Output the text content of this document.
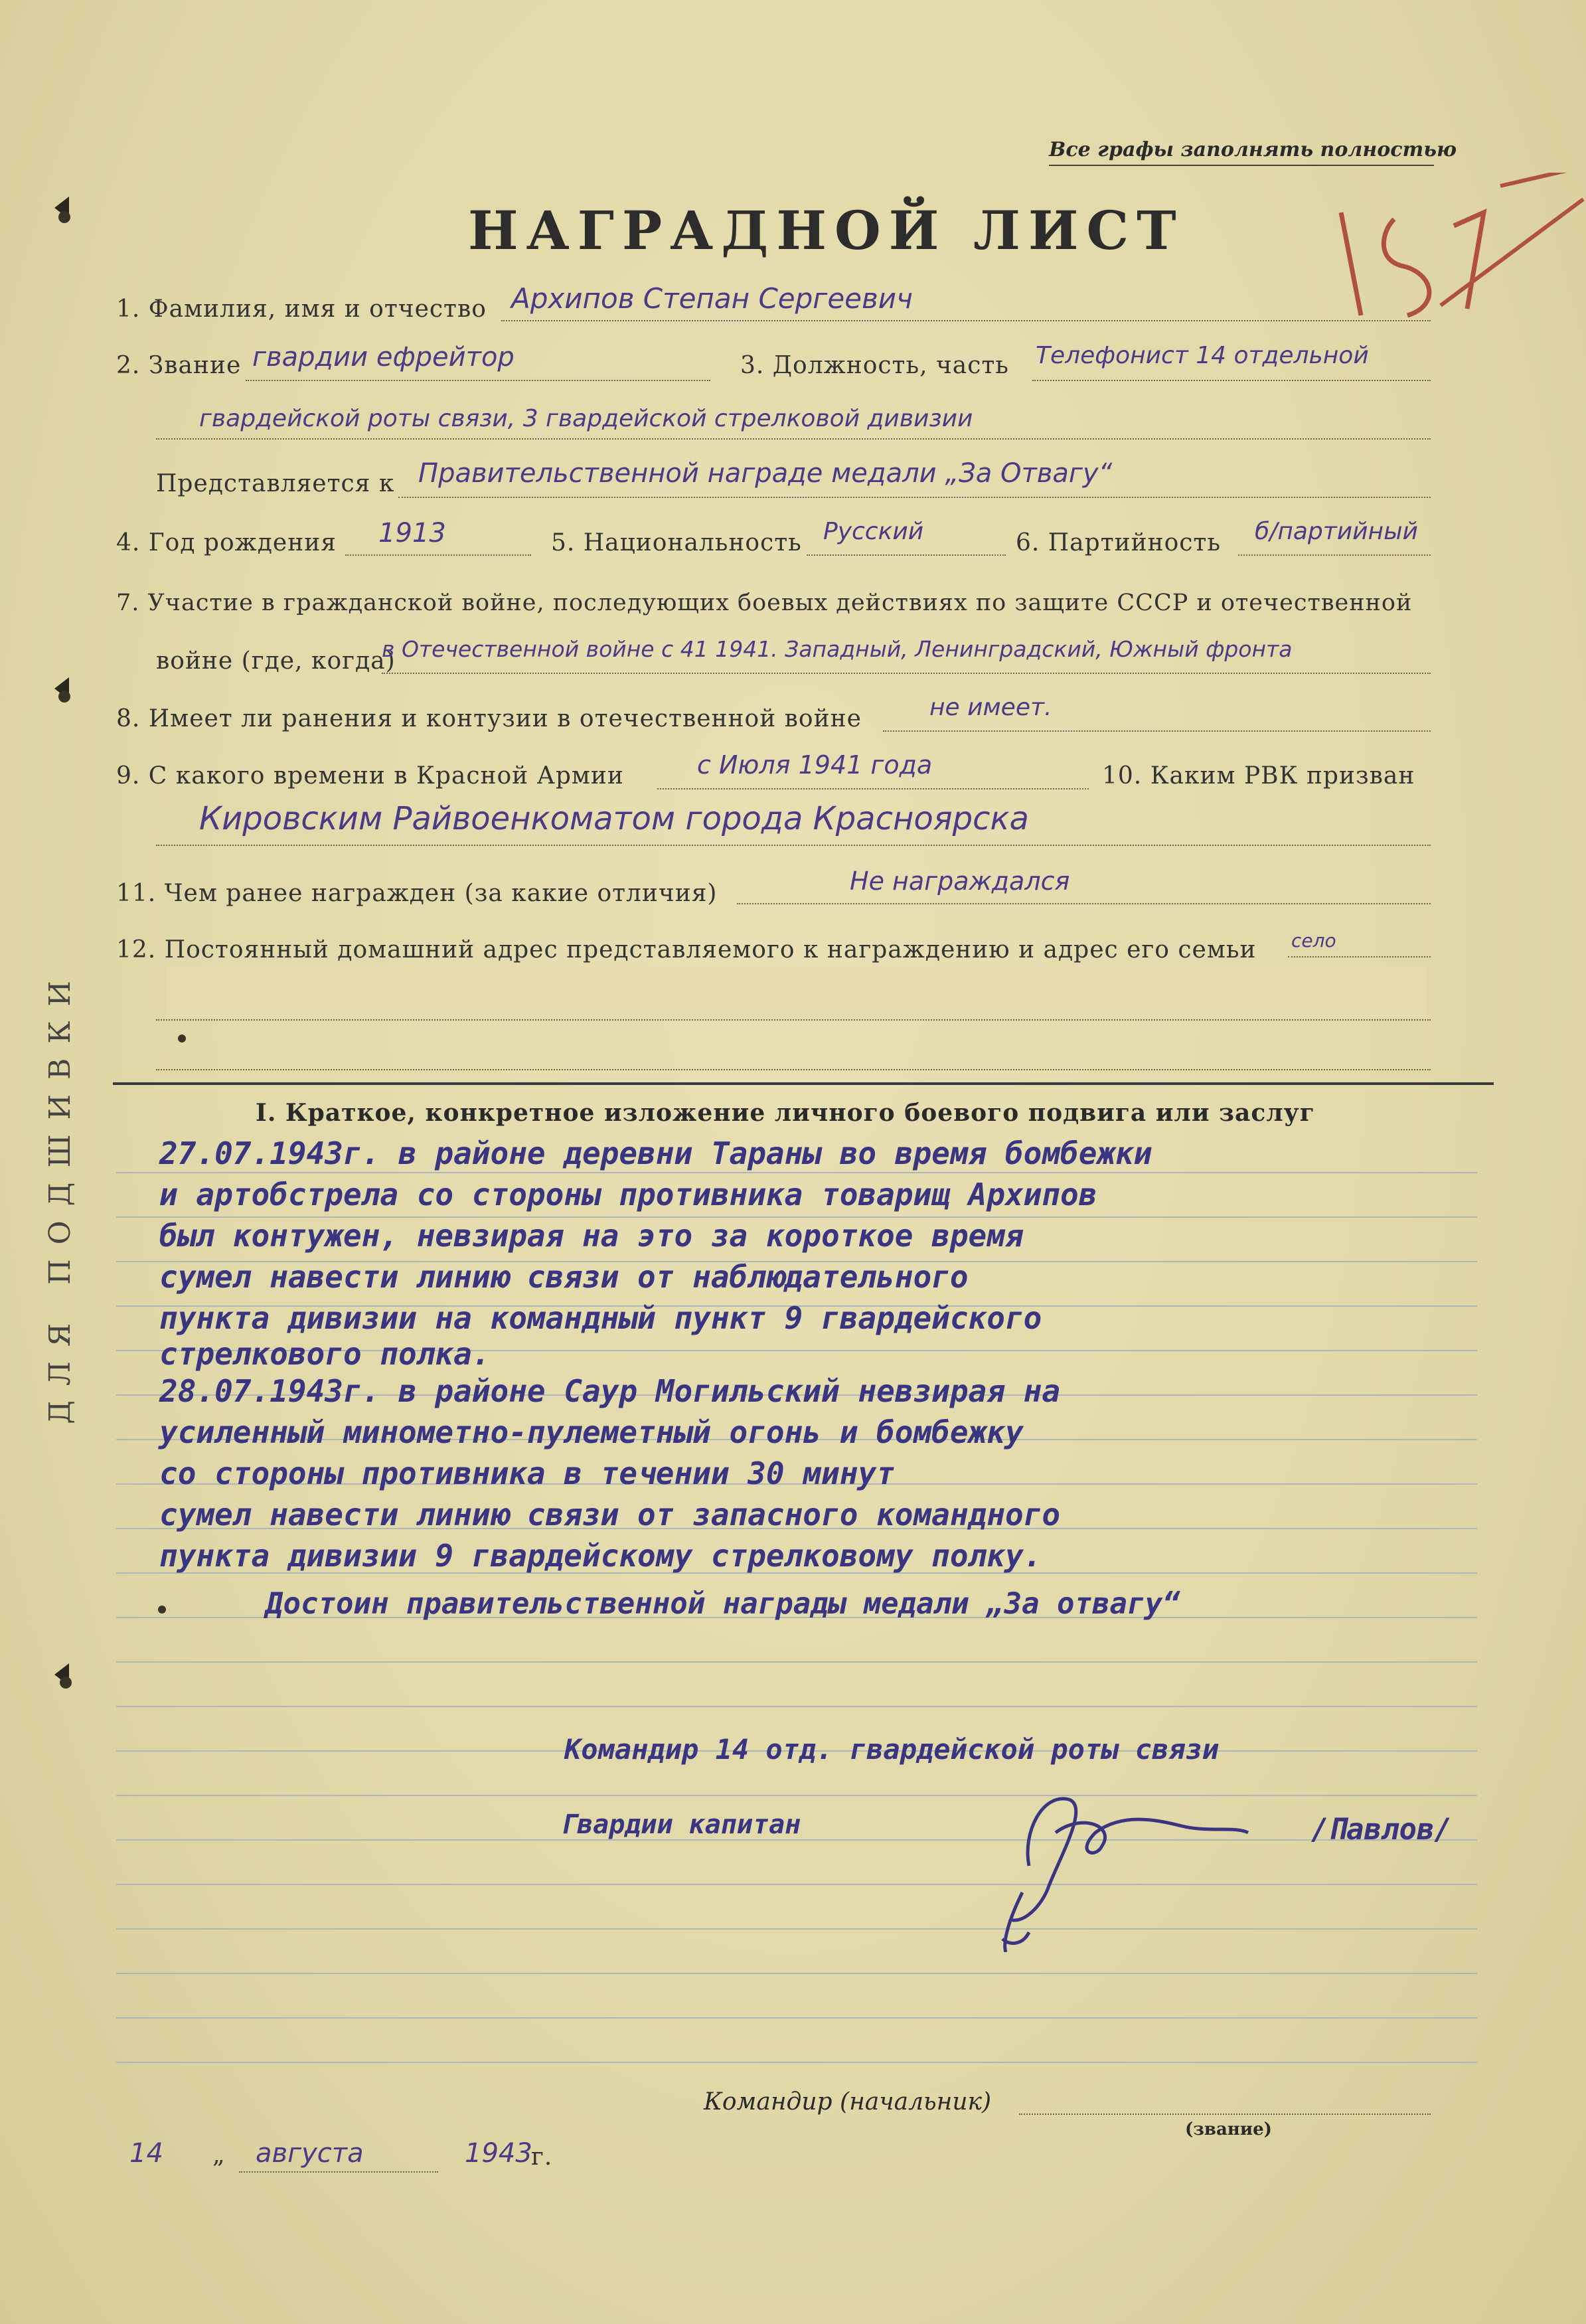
Все графы заполнять полностью
НАГРАДНОЙ ЛИСТ
1. Фамилия, имя и отчество Архипов Степан Сергеевич
2. Звание гвардии ефрейтор	3. Должность, часть Телефонист 14 отдельной
гвардейской роты связи, 3 гвардейской стрелковой дивизии
Представляется к Правительственной награде медали „За Отвагу“
4. Год рождения 1913	5. Национальность Русский	6. Партийность б/партийный
7. Участие в гражданской войне, последующих боевых действиях по защите СССР и отечественной
войне (где, когда)
в Отечественной войне с 41 1941. Западный, Ленинградский, Южный фронта
8. Имеет ли ранения и контузии в отечественной войне	не имеет.
9. С какого времени в Красной Армии	с Июля 1941 года	10. Каким РВК призван
Кировским Райвоенкоматом города Красноярска
11. Чем ранее награжден (за какие отличия)	Не награждался
12. Постоянный домашний адрес представляемого к награждению и адрес его семьи село
I. Краткое, конкретное изложение личного боевого подвига или заслуг
27.07.1943г. в районе деревни Тараны во время бомбежки
и артобстрела со стороны противника товарищ Архипов
был контужен, невзирая на это за короткое время
сумел навести линию связи от наблюдательного
пункта дивизии на командный пункт 9 гвардейского
стрелкового полка.
28.07.1943г. в районе Саур Могильский невзирая на
усиленный минометно-пулеметный огонь и бомбежку
со стороны противника в течении 30 минут
сумел навести линию связи от запасного командного
пункта дивизии 9 гвардейскому стрелковому полку.
Достоин правительственной награды медали „За отвагу“
Командир 14 отд. гвардейской роты связи
Гвардии капитан	/Павлов/
Командир (начальник)
(звание)
14 „ августа	1943
г.
ДЛЯ ПОДШИВКИ
